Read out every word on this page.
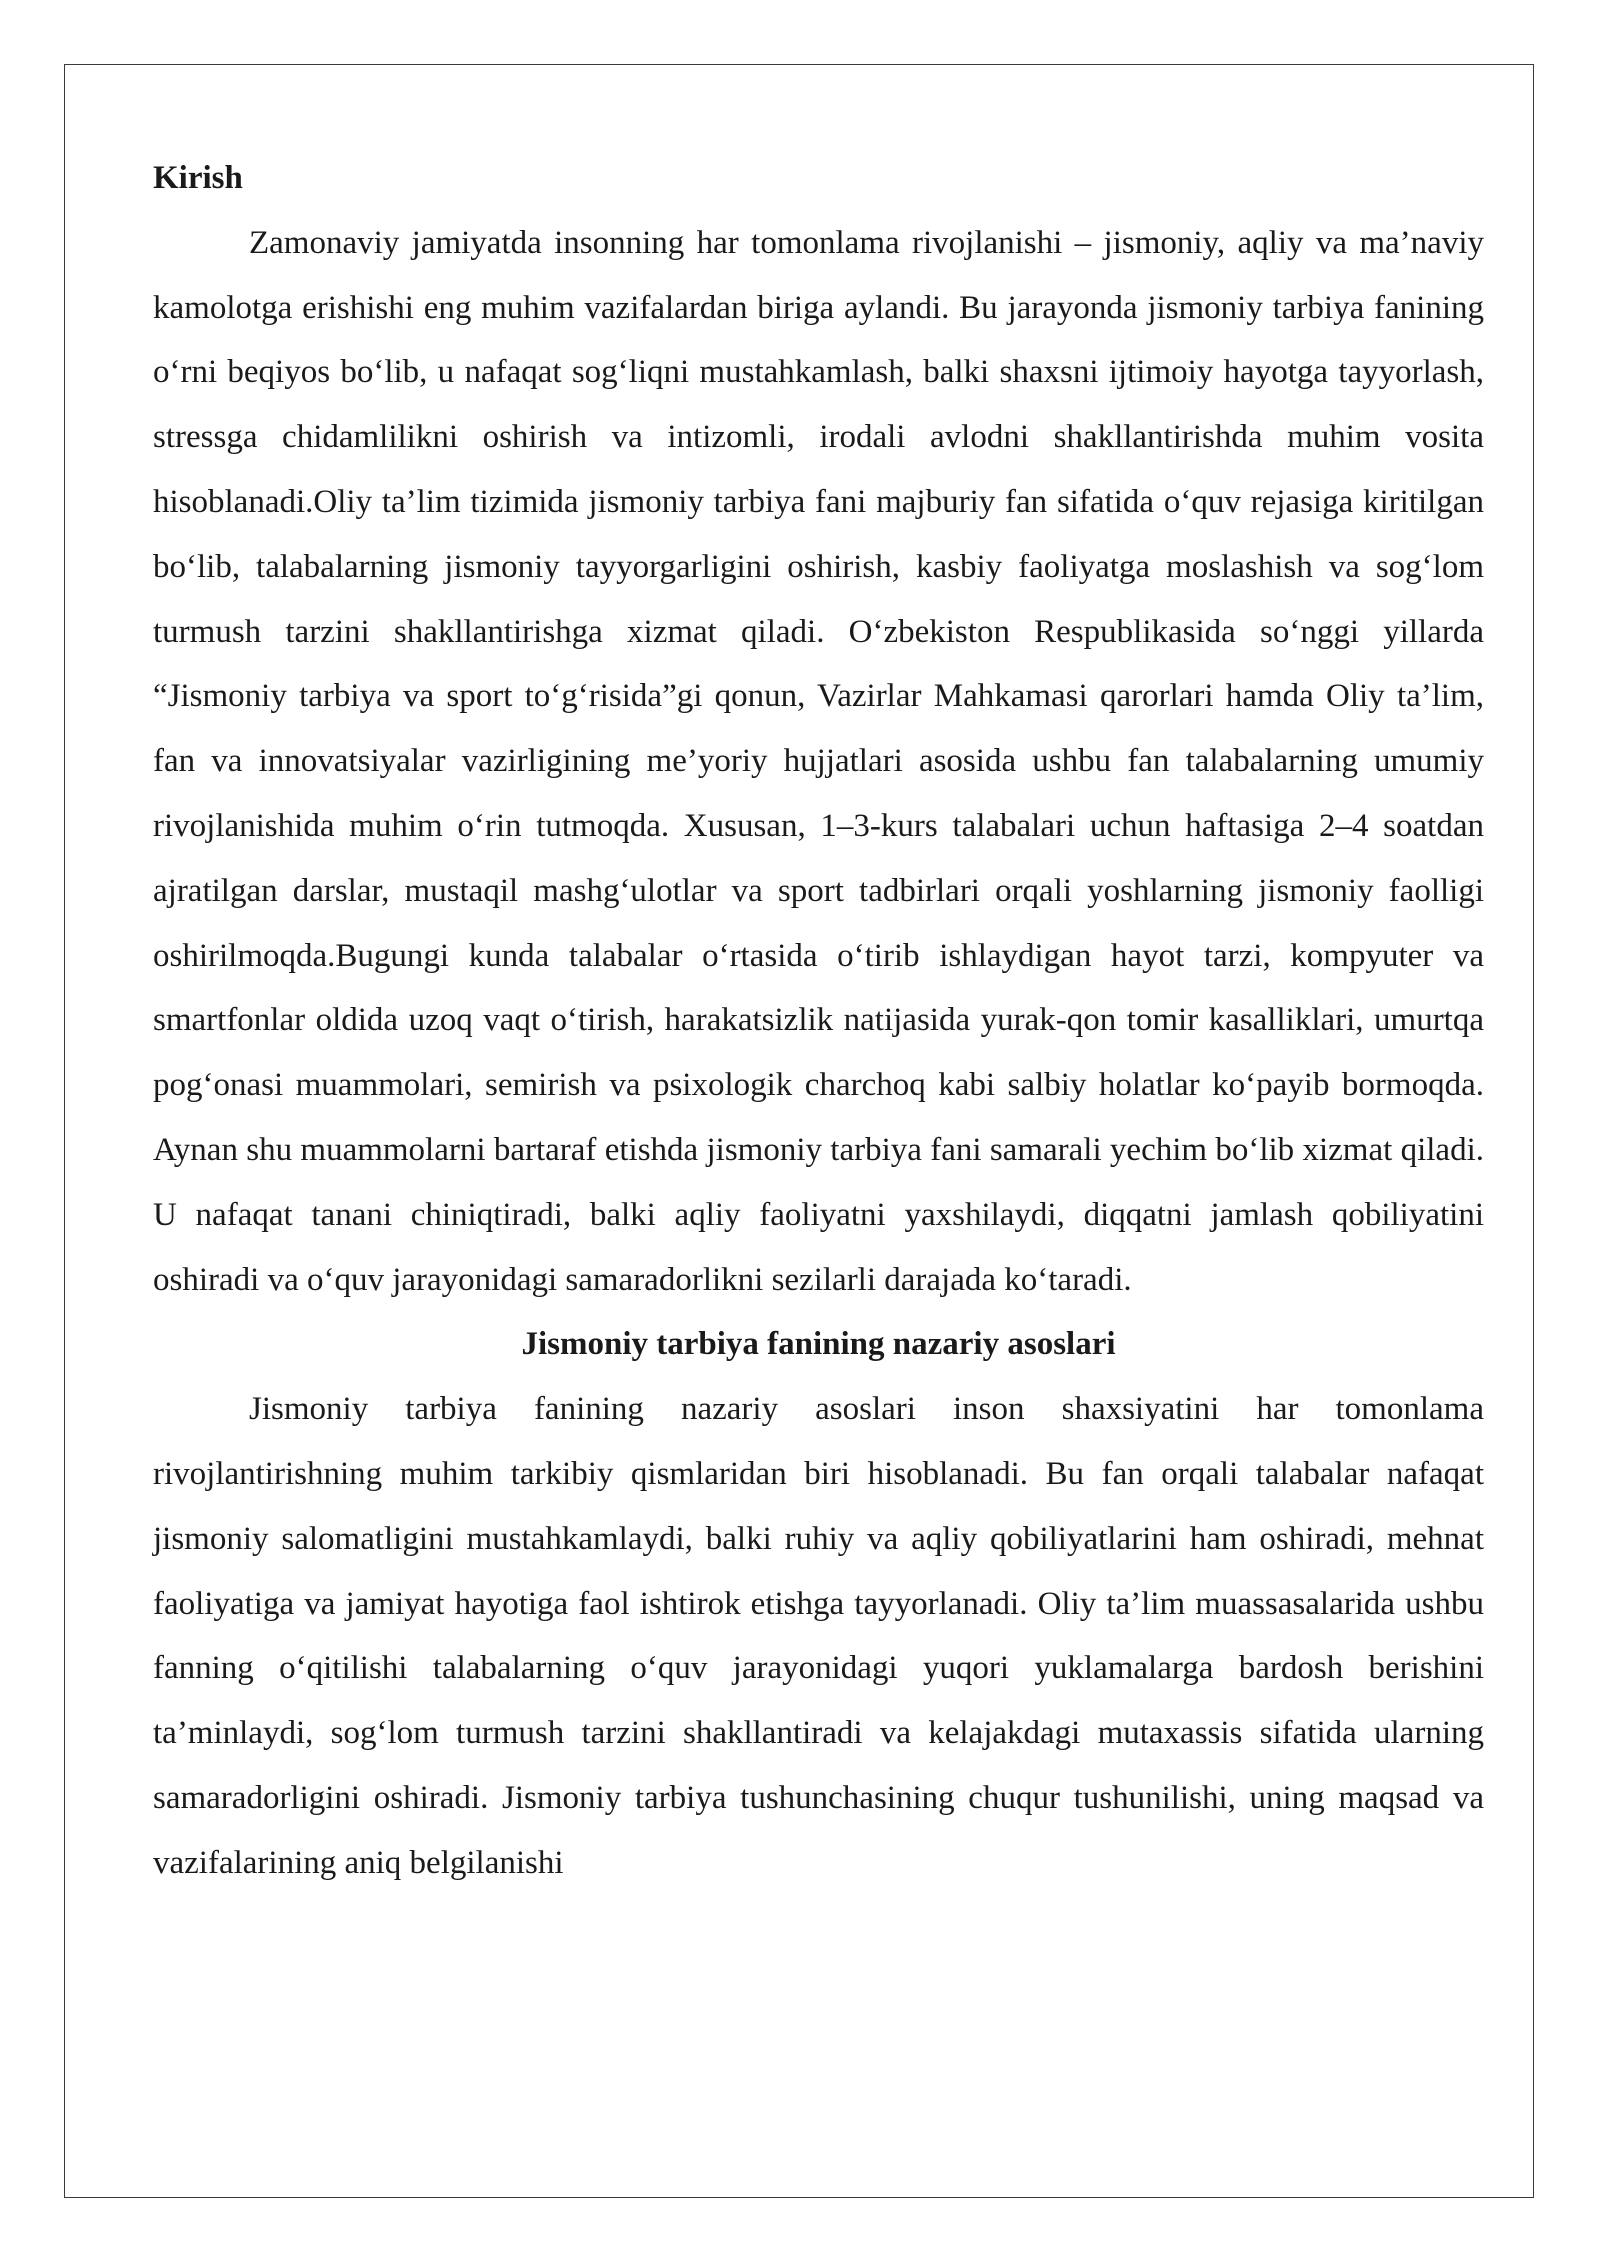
Kirish

Zamonaviy jamiyatda insonning har tomonlama rivojlanishi – jismoniy, aqliy va ma’naviy kamolotga erishishi eng muhim vazifalardan biriga aylandi. Bu jarayonda jismoniy tarbiya fanining o‘rni beqiyos bo‘lib, u nafaqat sog‘liqni mustahkamlash, balki shaxsni ijtimoiy hayotga tayyorlash, stressga chidamlilikni oshirish va intizomli, irodali avlodni shakllantirishda muhim vosita hisoblanadi.Oliy ta’lim tizimida jismoniy tarbiya fani majburiy fan sifatida o‘quv rejasiga kiritilgan bo‘lib, talabalarning jismoniy tayyorgarligini oshirish, kasbiy faoliyatga moslashish va sog‘lom turmush tarzini shakllantirishga xizmat qiladi. O‘zbekiston Respublikasida so‘nggi yillarda “Jismoniy tarbiya va sport to‘g‘risida”gi qonun, Vazirlar Mahkamasi qarorlari hamda Oliy ta’lim, fan va innovatsiyalar vazirligining me’yoriy hujjatlari asosida ushbu fan talabalarning umumiy rivojlanishida muhim o‘rin tutmoqda. Xususan, 1–3-kurs talabalari uchun haftasiga 2–4 soatdan ajratilgan darslar, mustaqil mashg‘ulotlar va sport tadbirlari orqali yoshlarning jismoniy faolligi oshirilmoqda.Bugungi kunda talabalar o‘rtasida o‘tirib ishlaydigan hayot tarzi, kompyuter va smartfonlar oldida uzoq vaqt o‘tirish, harakatsizlik natijasida yurak-qon tomir kasalliklari, umurtqa pog‘onasi muammolari, semirish va psixologik charchoq kabi salbiy holatlar ko‘payib bormoqda. Aynan shu muammolarni bartaraf etishda jismoniy tarbiya fani samarali yechim bo‘lib xizmat qiladi. U nafaqat tanani chiniqtiradi, balki aqliy faoliyatni yaxshilaydi, diqqatni jamlash qobiliyatini oshiradi va o‘quv jarayonidagi samaradorlikni sezilarli darajada ko‘taradi.

Jismoniy tarbiya fanining nazariy asoslari

Jismoniy tarbiya fanining nazariy asoslari inson shaxsiyatini har tomonlama rivojlantirishning muhim tarkibiy qismlaridan biri hisoblanadi. Bu fan orqali talabalar nafaqat jismoniy salomatligini mustahkamlaydi, balki ruhiy va aqliy qobiliyatlarini ham oshiradi, mehnat faoliyatiga va jamiyat hayotiga faol ishtirok etishga tayyorlanadi. Oliy ta’lim muassasalarida ushbu fanning o‘qitilishi talabalarning o‘quv jarayonidagi yuqori yuklamalarga bardosh berishini ta’minlaydi, sog‘lom turmush tarzini shakllantiradi va kelajakdagi mutaxassis sifatida ularning samaradorligini oshiradi. Jismoniy tarbiya tushunchasining chuqur tushunilishi, uning maqsad va vazifalarining aniq belgilanishi
